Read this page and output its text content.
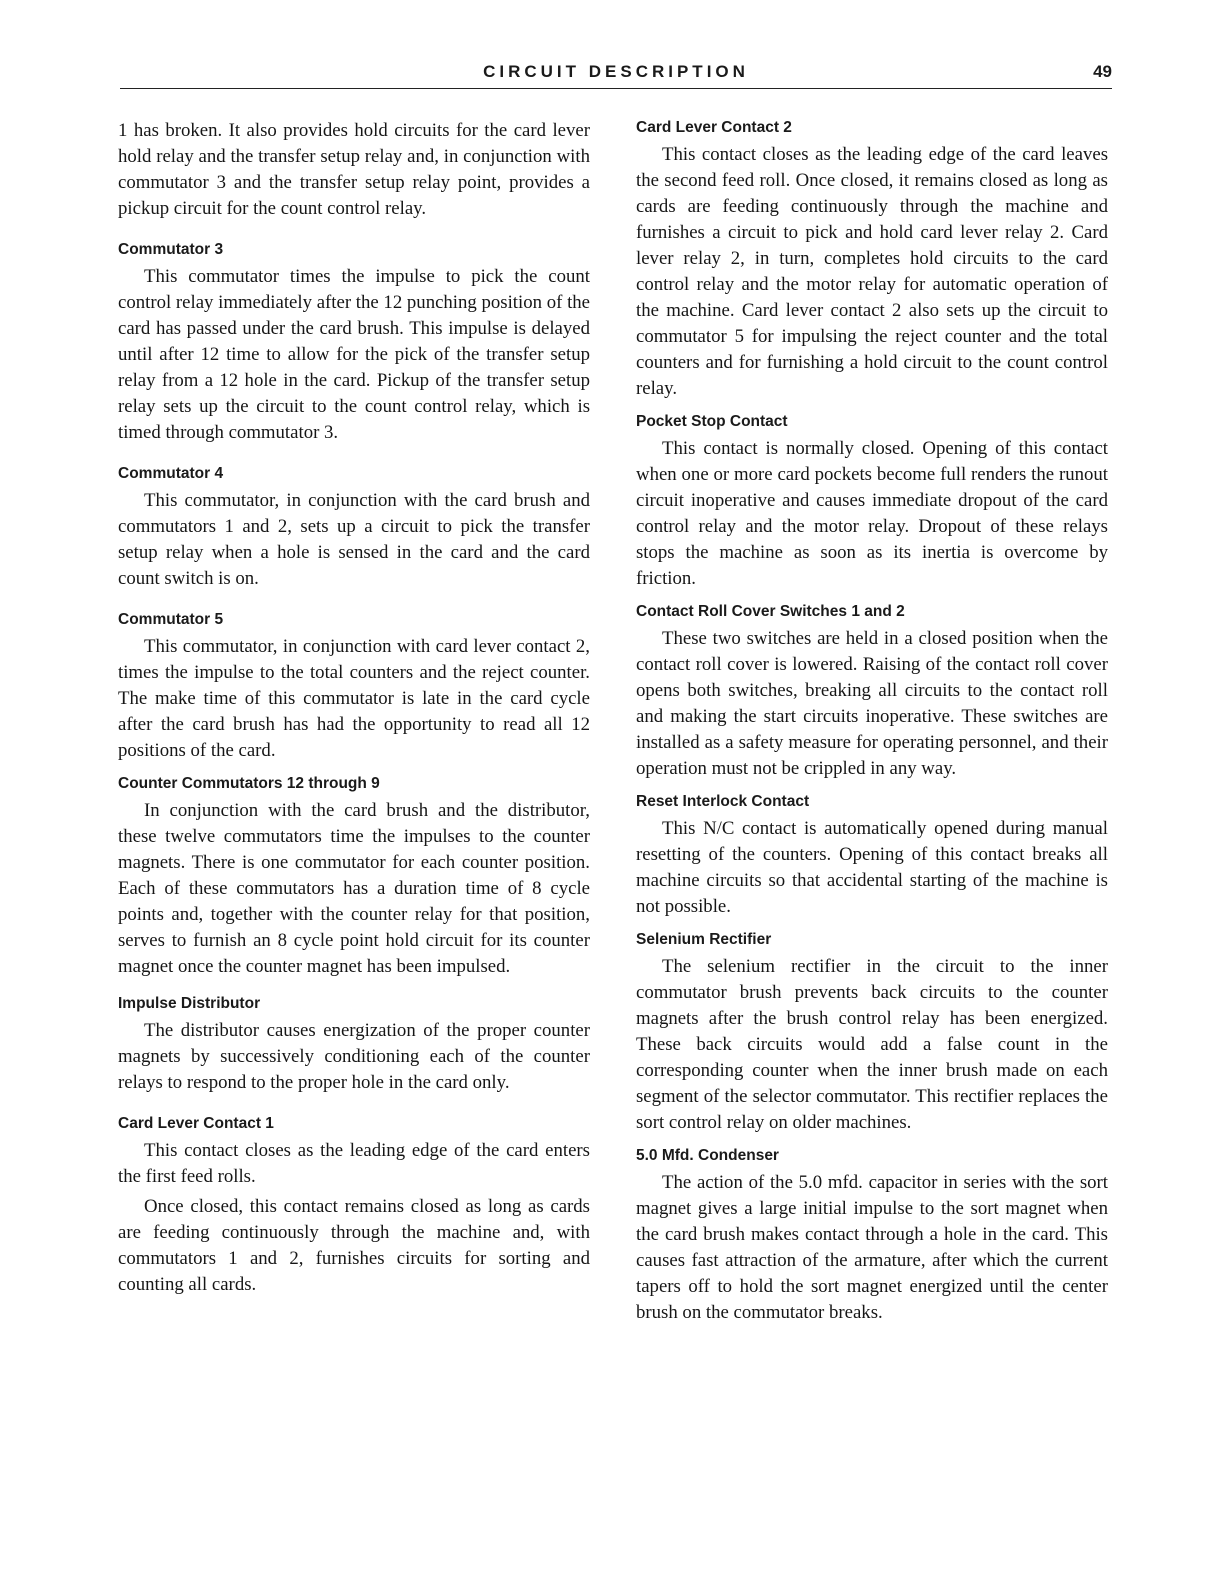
CIRCUIT DESCRIPTION	49

1 has broken. It also provides hold circuits for the card lever hold relay and the transfer setup relay and, in conjunction with commutator 3 and the transfer setup relay point, provides a pickup circuit for the count control relay.

Commutator 3

This commutator times the impulse to pick the count control relay immediately after the 12 punching position of the card has passed under the card brush. This impulse is delayed until after 12 time to allow for the pick of the transfer setup relay from a 12 hole in the card. Pickup of the transfer setup relay sets up the circuit to the count control relay, which is timed through commutator 3.

Commutator 4

This commutator, in conjunction with the card brush and commutators 1 and 2, sets up a circuit to pick the transfer setup relay when a hole is sensed in the card and the card count switch is on.

Commutator 5

This commutator, in conjunction with card lever contact 2, times the impulse to the total counters and the reject counter. The make time of this commutator is late in the card cycle after the card brush has had the opportunity to read all 12 positions of the card.

Counter Commutators 12 through 9

In conjunction with the card brush and the distributor, these twelve commutators time the impulses to the counter magnets. There is one commutator for each counter position. Each of these commutators has a duration time of 8 cycle points and, together with the counter relay for that position, serves to furnish an 8 cycle point hold circuit for its counter magnet once the counter magnet has been impulsed.

Impulse Distributor

The distributor causes energization of the proper counter magnets by successively conditioning each of the counter relays to respond to the proper hole in the card only.

Card Lever Contact 1

This contact closes as the leading edge of the card enters the first feed rolls.

Once closed, this contact remains closed as long as cards are feeding continuously through the machine and, with commutators 1 and 2, furnishes circuits for sorting and counting all cards.

Card Lever Contact 2

This contact closes as the leading edge of the card leaves the second feed roll. Once closed, it remains closed as long as cards are feeding continuously through the machine and furnishes a circuit to pick and hold card lever relay 2. Card lever relay 2, in turn, completes hold circuits to the card control relay and the motor relay for automatic operation of the machine. Card lever contact 2 also sets up the circuit to commutator 5 for impulsing the reject counter and the total counters and for furnishing a hold circuit to the count control relay.

Pocket Stop Contact

This contact is normally closed. Opening of this contact when one or more card pockets become full renders the runout circuit inoperative and causes immediate dropout of the card control relay and the motor relay. Dropout of these relays stops the machine as soon as its inertia is overcome by friction.

Contact Roll Cover Switches 1 and 2

These two switches are held in a closed position when the contact roll cover is lowered. Raising of the contact roll cover opens both switches, breaking all circuits to the contact roll and making the start circuits inoperative. These switches are installed as a safety measure for operating personnel, and their operation must not be crippled in any way.

Reset Interlock Contact

This N/C contact is automatically opened during manual resetting of the counters. Opening of this contact breaks all machine circuits so that accidental starting of the machine is not possible.

Selenium Rectifier

The selenium rectifier in the circuit to the inner commutator brush prevents back circuits to the counter magnets after the brush control relay has been energized. These back circuits would add a false count in the corresponding counter when the inner brush made on each segment of the selector commutator. This rectifier replaces the sort control relay on older machines.

5.0 Mfd. Condenser

The action of the 5.0 mfd. capacitor in series with the sort magnet gives a large initial impulse to the sort magnet when the card brush makes contact through a hole in the card. This causes fast attraction of the armature, after which the current tapers off to hold the sort magnet energized until the center brush on the commutator breaks.
